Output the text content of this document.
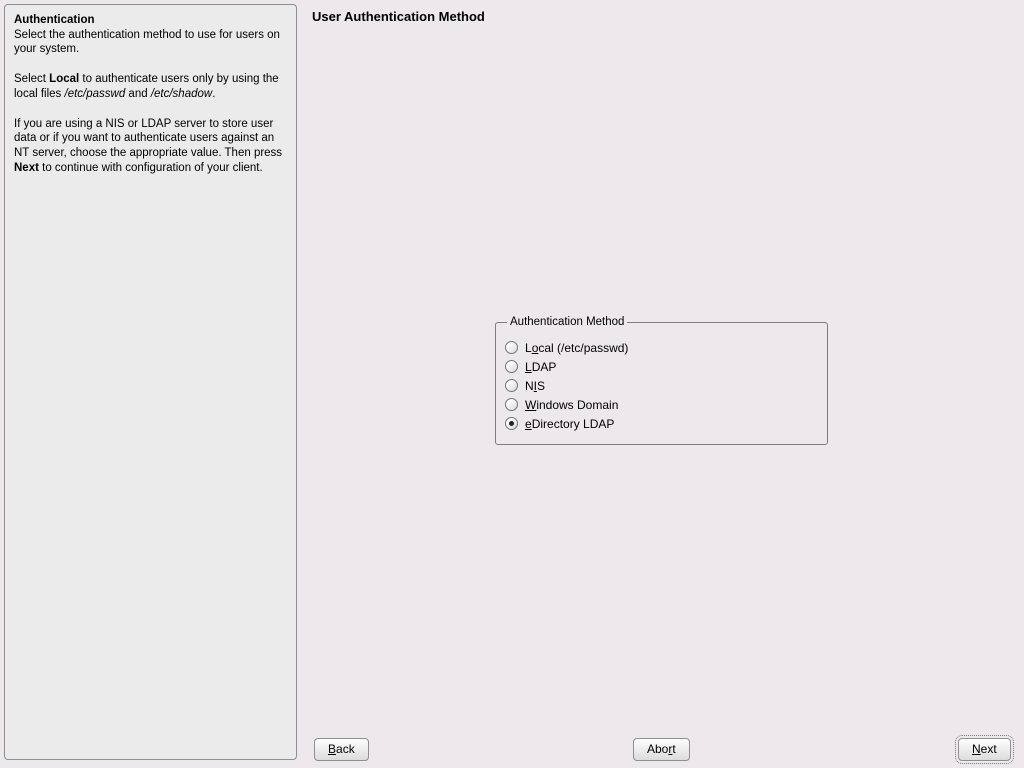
Authentication

Select the authentication method to use for users on your system.

Select Local to authenticate users only by using the local files /etc/passwd and /etc/shadow.

If you are using a NIS or LDAP server to store user data or if you want to authenticate users against an NT server, choose the appropriate value. Then press Next to continue with configuration of your client.

User Authentication Method
Authentication Method
Local (/etc/passwd)
LDAP
NIS
Windows Domain
eDirectory LDAP
Back	Abort	Next
